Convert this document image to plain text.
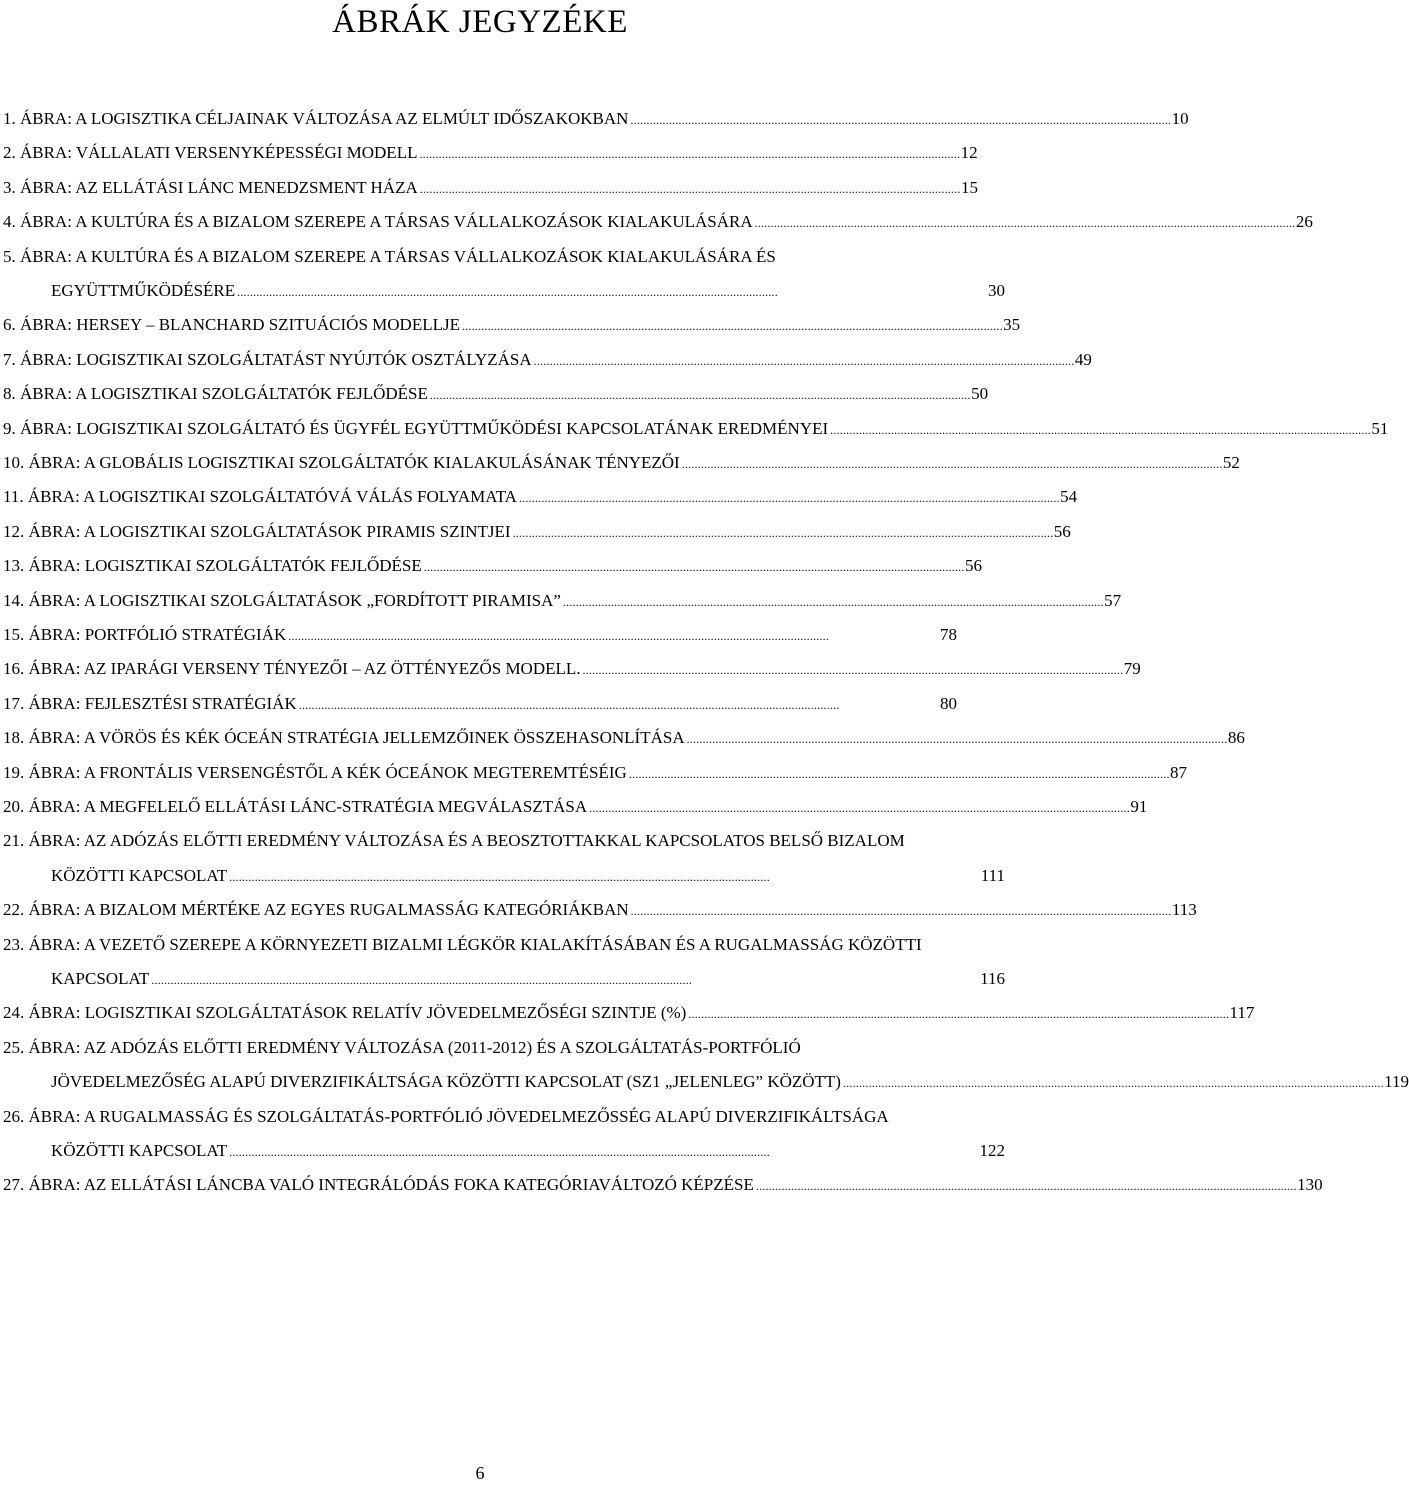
ÁBRÁK JEGYZÉKE
1. ÁBRA: A LOGISZTIKA CÉLJAINAK VÁLTOZÁSA AZ ELMÚLT IDŐSZAKOKBAN . . .	10
2. ÁBRA: VÁLLALATI VERSENYKÉPESSÉGI MODELL . . .	12
3. ÁBRA: AZ ELLÁTÁSI LÁNC MENEDZSMENT HÁZA . . .	15
4. ÁBRA: A KULTÚRA ÉS A BIZALOM SZEREPE A TÁRSAS VÁLLALKOZÁSOK KIALAKULÁSÁRA . . .	26
5. ÁBRA: A KULTÚRA ÉS A BIZALOM SZEREPE A TÁRSAS VÁLLALKOZÁSOK KIALAKULÁSÁRA ÉS
EGYÜTTMŰKÖDÉSÉRE . . .	30
6. ÁBRA: HERSEY – BLANCHARD SZITUÁCIÓS MODELLJE . . .	35
7. ÁBRA: LOGISZTIKAI SZOLGÁLTATÁST NYÚJTÓK OSZTÁLYZÁSA . . .	49
8. ÁBRA: A LOGISZTIKAI SZOLGÁLTATÓK FEJLŐDÉSE . . .	50
9. ÁBRA: LOGISZTIKAI SZOLGÁLTATÓ ÉS ÜGYFÉL EGYÜTTMŰKÖDÉSI KAPCSOLATÁNAK EREDMÉNYEI . . .	51
10. ÁBRA: A GLOBÁLIS LOGISZTIKAI SZOLGÁLTATÓK KIALAKULÁSÁNAK TÉNYEZŐI . . .	52
11. ÁBRA: A LOGISZTIKAI SZOLGÁLTATÓVÁ VÁLÁS FOLYAMATA . . .	54
12. ÁBRA: A LOGISZTIKAI SZOLGÁLTATÁSOK PIRAMIS SZINTJEI . . .	56
13. ÁBRA: LOGISZTIKAI SZOLGÁLTATÓK FEJLŐDÉSE . . .	56
14. ÁBRA: A LOGISZTIKAI SZOLGÁLTATÁSOK „FORDÍTOTT PIRAMISA” . . .	57
15. ÁBRA: PORTFÓLIÓ STRATÉGIÁK . . .	78
16. ÁBRA: AZ IPARÁGI VERSENY TÉNYEZŐI – AZ ÖTTÉNYEZŐS MODELL. . . .	79
17. ÁBRA: FEJLESZTÉSI STRATÉGIÁK . . .	80
18. ÁBRA: A VÖRÖS ÉS KÉK ÓCEÁN STRATÉGIA JELLEMZŐINEK ÖSSZEHASONLÍTÁSA . . .	86
19. ÁBRA: A FRONTÁLIS VERSENGÉSTŐL A KÉK ÓCEÁNOK MEGTEREMTÉSÉIG . . .	87
20. ÁBRA: A MEGFELELŐ ELLÁTÁSI LÁNC-STRATÉGIA MEGVÁLASZTÁSA . . .	91
21. ÁBRA: AZ ADÓZÁS ELŐTTI EREDMÉNY VÁLTOZÁSA ÉS A BEOSZTOTTAKKAL KAPCSOLATOS BELSŐ BIZALOM
KÖZÖTTI KAPCSOLAT . . .	111
22. ÁBRA: A BIZALOM MÉRTÉKE AZ EGYES RUGALMASSÁG KATEGÓRIÁKBAN . . .	113
23. ÁBRA: A VEZETŐ SZEREPE A KÖRNYEZETI BIZALMI LÉGKÖR KIALAKÍTÁSÁBAN ÉS A RUGALMASSÁG KÖZÖTTI
KAPCSOLAT . . .	116
24. ÁBRA: LOGISZTIKAI SZOLGÁLTATÁSOK RELATÍV JÖVEDELMEZŐSÉGI SZINTJE (%) . . .	117
25. ÁBRA: AZ ADÓZÁS ELŐTTI EREDMÉNY VÁLTOZÁSA (2011-2012) ÉS A SZOLGÁLTATÁS-PORTFÓLIÓ
JÖVEDELMEZŐSÉG ALAPÚ DIVERZIFIKÁLTSÁGA KÖZÖTTI KAPCSOLAT (SZ1 „JELENLEG” KÖZÖTT) . . .	119
26. ÁBRA: A RUGALMASSÁG ÉS SZOLGÁLTATÁS-PORTFÓLIÓ JÖVEDELMEZŐSSÉG ALAPÚ DIVERZIFIKÁLTSÁGA
KÖZÖTTI KAPCSOLAT . . .	122
27. ÁBRA: AZ ELLÁTÁSI LÁNCBA VALÓ INTEGRÁLÓDÁS FOKA KATEGÓRIAVÁLTOZÓ KÉPZÉSE . . .	130
6
